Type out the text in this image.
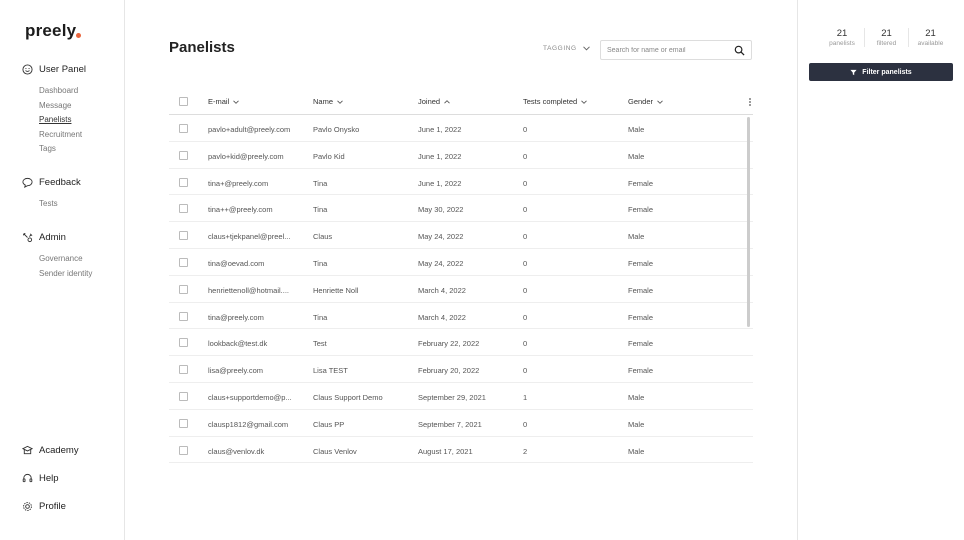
preely
User Panel
Dashboard
Message
Panelists
Recruitment
Tags
Feedback
Tests
Admin
Governance
Sender identity
Academy
Help
Profile
Panelists	TAGGING
Search for name or email
E-mail	Name	Joined	Tests completed	Gender
pavlo+adult@preely.com	Pavlo Onysko	June 1, 2022	0	Male
pavlo+kid@preely.com	Pavlo Kid	June 1, 2022	0	Male
tina+@preely.com	Tina	June 1, 2022	0	Female
tina++@preely.com	Tina	May 30, 2022	0	Female
claus+tjekpanel@preel...	Claus	May 24, 2022	0	Male
tina@oevad.com	Tina	May 24, 2022	0	Female
henriettenoll@hotmail....	Henriette Noll	March 4, 2022	0	Female
tina@preely.com	Tina	March 4, 2022	0	Female
lookback@test.dk	Test	February 22, 2022	0	Female
lisa@preely.com	Lisa TEST	February 20, 2022	0	Female
claus+supportdemo@p...	Claus Support Demo	September 29, 2021	1	Male
clausp1812@gmail.com	Claus PP	September 7, 2021	0	Male
claus@venlov.dk	Claus Venlov	August 17, 2021	2	Male
21
panelists
21
filtered
21
available
Filter panelists
